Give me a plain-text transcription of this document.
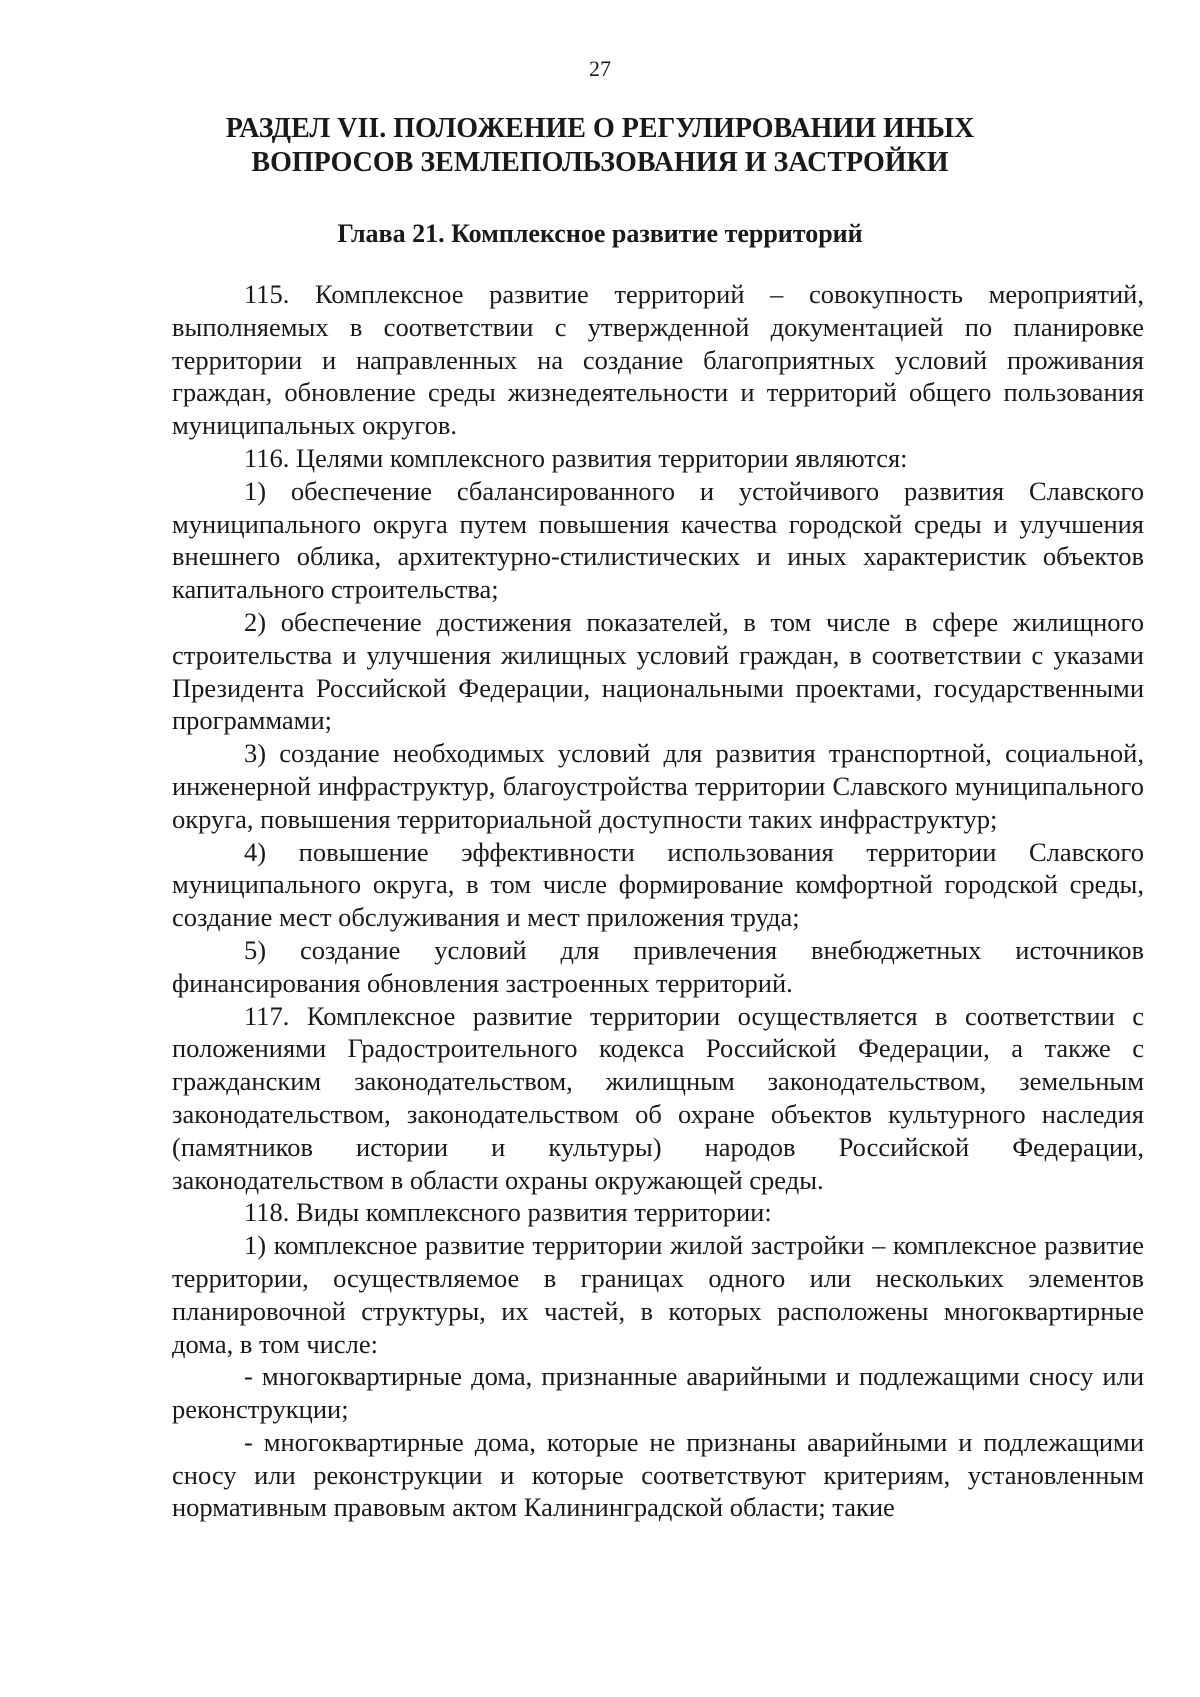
27
РАЗДЕЛ VII. ПОЛОЖЕНИЕ О РЕГУЛИРОВАНИИ ИНЫХ ВОПРОСОВ ЗЕМЛЕПОЛЬЗОВАНИЯ И ЗАСТРОЙКИ
Глава 21. Комплексное развитие территорий

115. Комплексное развитие территорий – совокупность мероприятий, выполняемых в соответствии с утвержденной документацией по планировке территории и направленных на создание благоприятных условий проживания граждан, обновление среды жизнедеятельности и территорий общего пользования муниципальных округов.

116. Целями комплексного развития территории являются:

1) обеспечение сбалансированного и устойчивого развития Славского муниципального округа путем повышения качества городской среды и улучшения внешнего облика, архитектурно-стилистических и иных характеристик объектов капитального строительства;

2) обеспечение достижения показателей, в том числе в сфере жилищного строительства и улучшения жилищных условий граждан, в соответствии с указами Президента Российской Федерации, национальными проектами, государственными программами;

3) создание необходимых условий для развития транспортной, социальной, инженерной инфраструктур, благоустройства территории Славского муниципального округа, повышения территориальной доступности таких инфраструктур;

4) повышение эффективности использования территории Славского муниципального округа, в том числе формирование комфортной городской среды, создание мест обслуживания и мест приложения труда;

5) создание условий для привлечения внебюджетных источников финансирования обновления застроенных территорий.

117. Комплексное развитие территории осуществляется в соответствии с положениями Градостроительного кодекса Российской Федерации, а также с гражданским законодательством, жилищным законодательством, земельным законодательством, законодательством об охране объектов культурного наследия (памятников истории и культуры) народов Российской Федерации, законодательством в области охраны окружающей среды.

118. Виды комплексного развития территории:

1) комплексное развитие территории жилой застройки – комплексное развитие территории, осуществляемое в границах одного или нескольких элементов планировочной структуры, их частей, в которых расположены многоквартирные дома, в том числе:

- многоквартирные дома, признанные аварийными и подлежащими сносу или реконструкции;

- многоквартирные дома, которые не признаны аварийными и подлежащими сносу или реконструкции и которые соответствуют критериям, установленным нормативным правовым актом Калининградской области; такие
